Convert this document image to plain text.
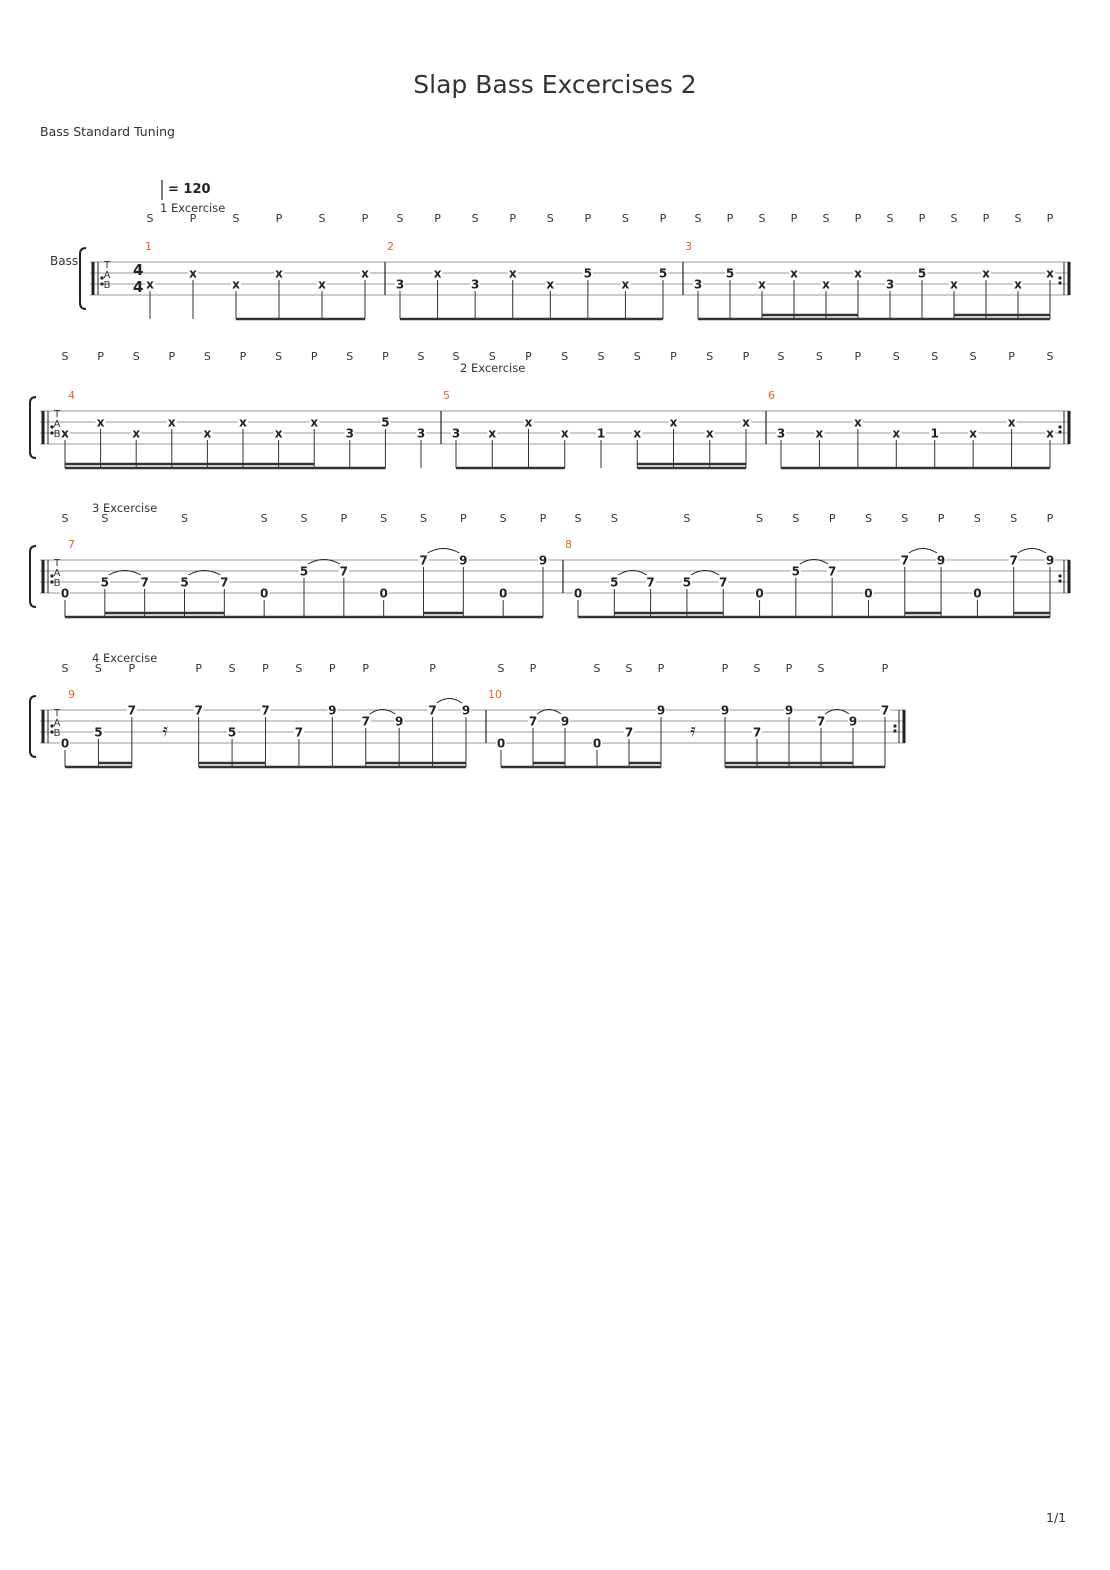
Slap Bass Excercises 2
Bass Standard Tuning
1/1
Bass
= 120
4
4
T
A
B
1 Excercise
1
S
x
P
x
S
x
P
x
S
x
P
x
2
S
3
P
x
S
3
P
x
S
x
P
5
S
x
P
5
3
S
3
P
5
S
x
P
x
S
x
P
x
S
3
P
5
S
x
P
x
S
x
P
x
T
A
B
2 Excercise
4
S
x
P
x
S
x
P
x
S
x
P
x
S
x
P
x
S
3
P
5
S
3
5
S
3
S
x
P
x
S
x
S
1
S
x
P
x
S
x
P
x
6
S
3
S
x
P
x
S
x
S
1
S
x
P
x
S
x
T
A
B
3 Excercise
7
S
0
S
5	7
S
5	7
S
0
S
5
P
7
S
0
S
7
P
9
S
0
P
9
8
S
0
S
5 7
S
5 7
S
0
S
5
P
7
S
0
S
7
P
9
S
0
S
7
P
9
T
A
B
4 Excercise
9
S
0
S
5
P
7
𝄿
P
7
S
5
P
7
S
7
P
9
P
7 9
P
7 9
10
S
0
P
7 9
S
0
S
7
P
9
𝄿
P
9
S
7
P
9
S
7 9
P
7
